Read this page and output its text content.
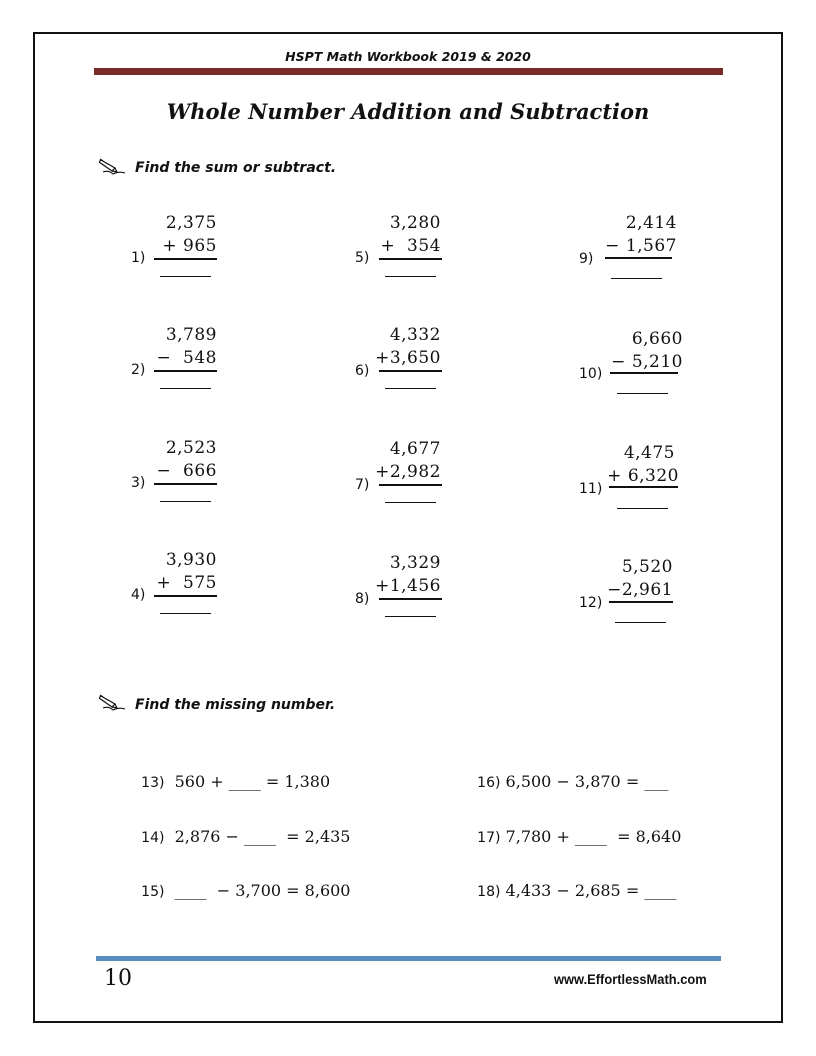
HSPT Math Workbook 2019 & 2020
Whole Number Addition and Subtraction
Find the sum or subtract.
1)
2,375
+ 965
2)
3,789
−  548
3)
2,523
−  666
4)
3,930
+  575
5)
3,280
+  354
6)
4,332
+3,650
7)
4,677
+2,982
8)
3,329
+1,456
9)
2,414
− 1,567
10)
6,660
− 5,210
11)
4,475
+ 6,320
12)
5,520
−2,961
Find the missing number.

13) 560 + ____ = 1,380

14) 2,876 − ____  = 2,435

15) ____  − 3,700 = 8,600

16) 6,500 − 3,870 = ___

17) 7,780 + ____  = 8,640

18) 4,433 − 2,685 = ____

10	www.EffortlessMath.com
